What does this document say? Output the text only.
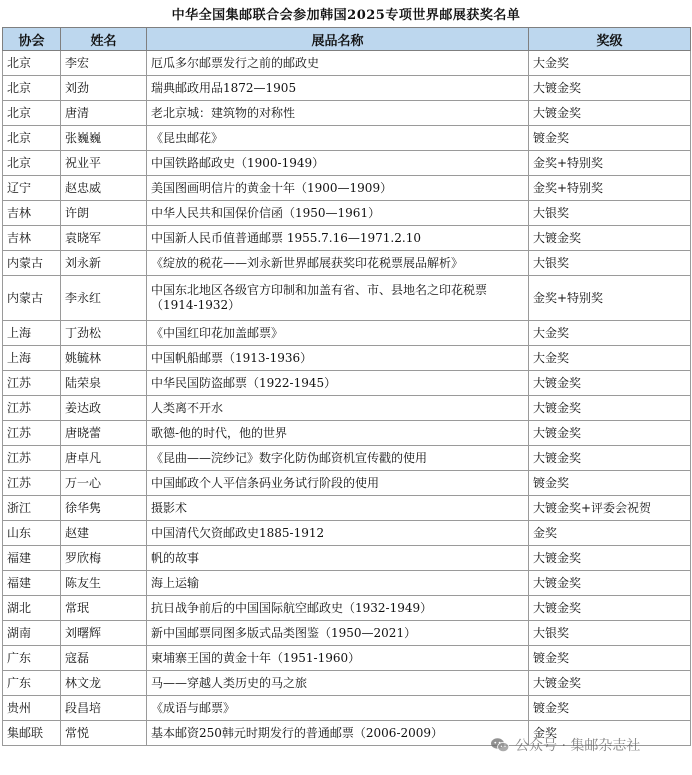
中华全国集邮联合会参加韩国2025专项世界邮展获奖名单
协会	姓名	展品名称	奖级
北京	李宏	厄瓜多尔邮票发行之前的邮政史	大金奖
北京	刘劲	瑞典邮政用品1872—1905	大镀金奖
北京	唐清	老北京城：建筑物的对称性	大镀金奖
北京	张巍巍	《昆虫邮花》	镀金奖
北京	祝业平	中国铁路邮政史（1900-1949）	金奖+特别奖
辽宁	赵忠威	美国图画明信片的黄金十年（1900—1909）	金奖+特别奖
吉林	许朗	中华人民共和国保价信函（1950—1961）	大银奖
吉林	袁晓军	中国新人民币值普通邮票 1955.7.16—1971.2.10	大镀金奖
内蒙古	刘永新	《绽放的税花——刘永新世界邮展获奖印花税票展品解析》	大银奖
内蒙古	李永红	中国东北地区各级官方印制和加盖有省、市、县地名之印花税票（1914-1932）	金奖+特别奖
上海	丁劲松	《中国红印花加盖邮票》	大金奖
上海	姚毓林	中国帆船邮票（1913-1936）	大金奖
江苏	陆荣泉	中华民国防盗邮票（1922-1945）	大镀金奖
江苏	姜达政	人类离不开水	大镀金奖
江苏	唐晓蕾	歌德-他的时代，他的世界	大镀金奖
江苏	唐卓凡	《昆曲——浣纱记》数字化防伪邮资机宣传戳的使用	大镀金奖
江苏	万一心	中国邮政个人平信条码业务试行阶段的使用	镀金奖
浙江	徐华隽	摄影术	大镀金奖+评委会祝贺
山东	赵建	中国清代欠资邮政史1885-1912	金奖
福建	罗欣梅	帆的故事	大镀金奖
福建	陈友生	海上运输	大镀金奖
湖北	常珉	抗日战争前后的中国国际航空邮政史（1932-1949）	大镀金奖
湖南	刘曙辉	新中国邮票同图多版式品类图鉴（1950—2021）	大银奖
广东	寇磊	柬埔寨王国的黄金十年（1951-1960）	镀金奖
广东	林文龙	马——穿越人类历史的马之旅	大镀金奖
贵州	段昌培	《成语与邮票》	镀金奖
集邮联	常悦	基本邮资250韩元时期发行的普通邮票（2006-2009）	金奖
公众号 · 集邮杂志社
